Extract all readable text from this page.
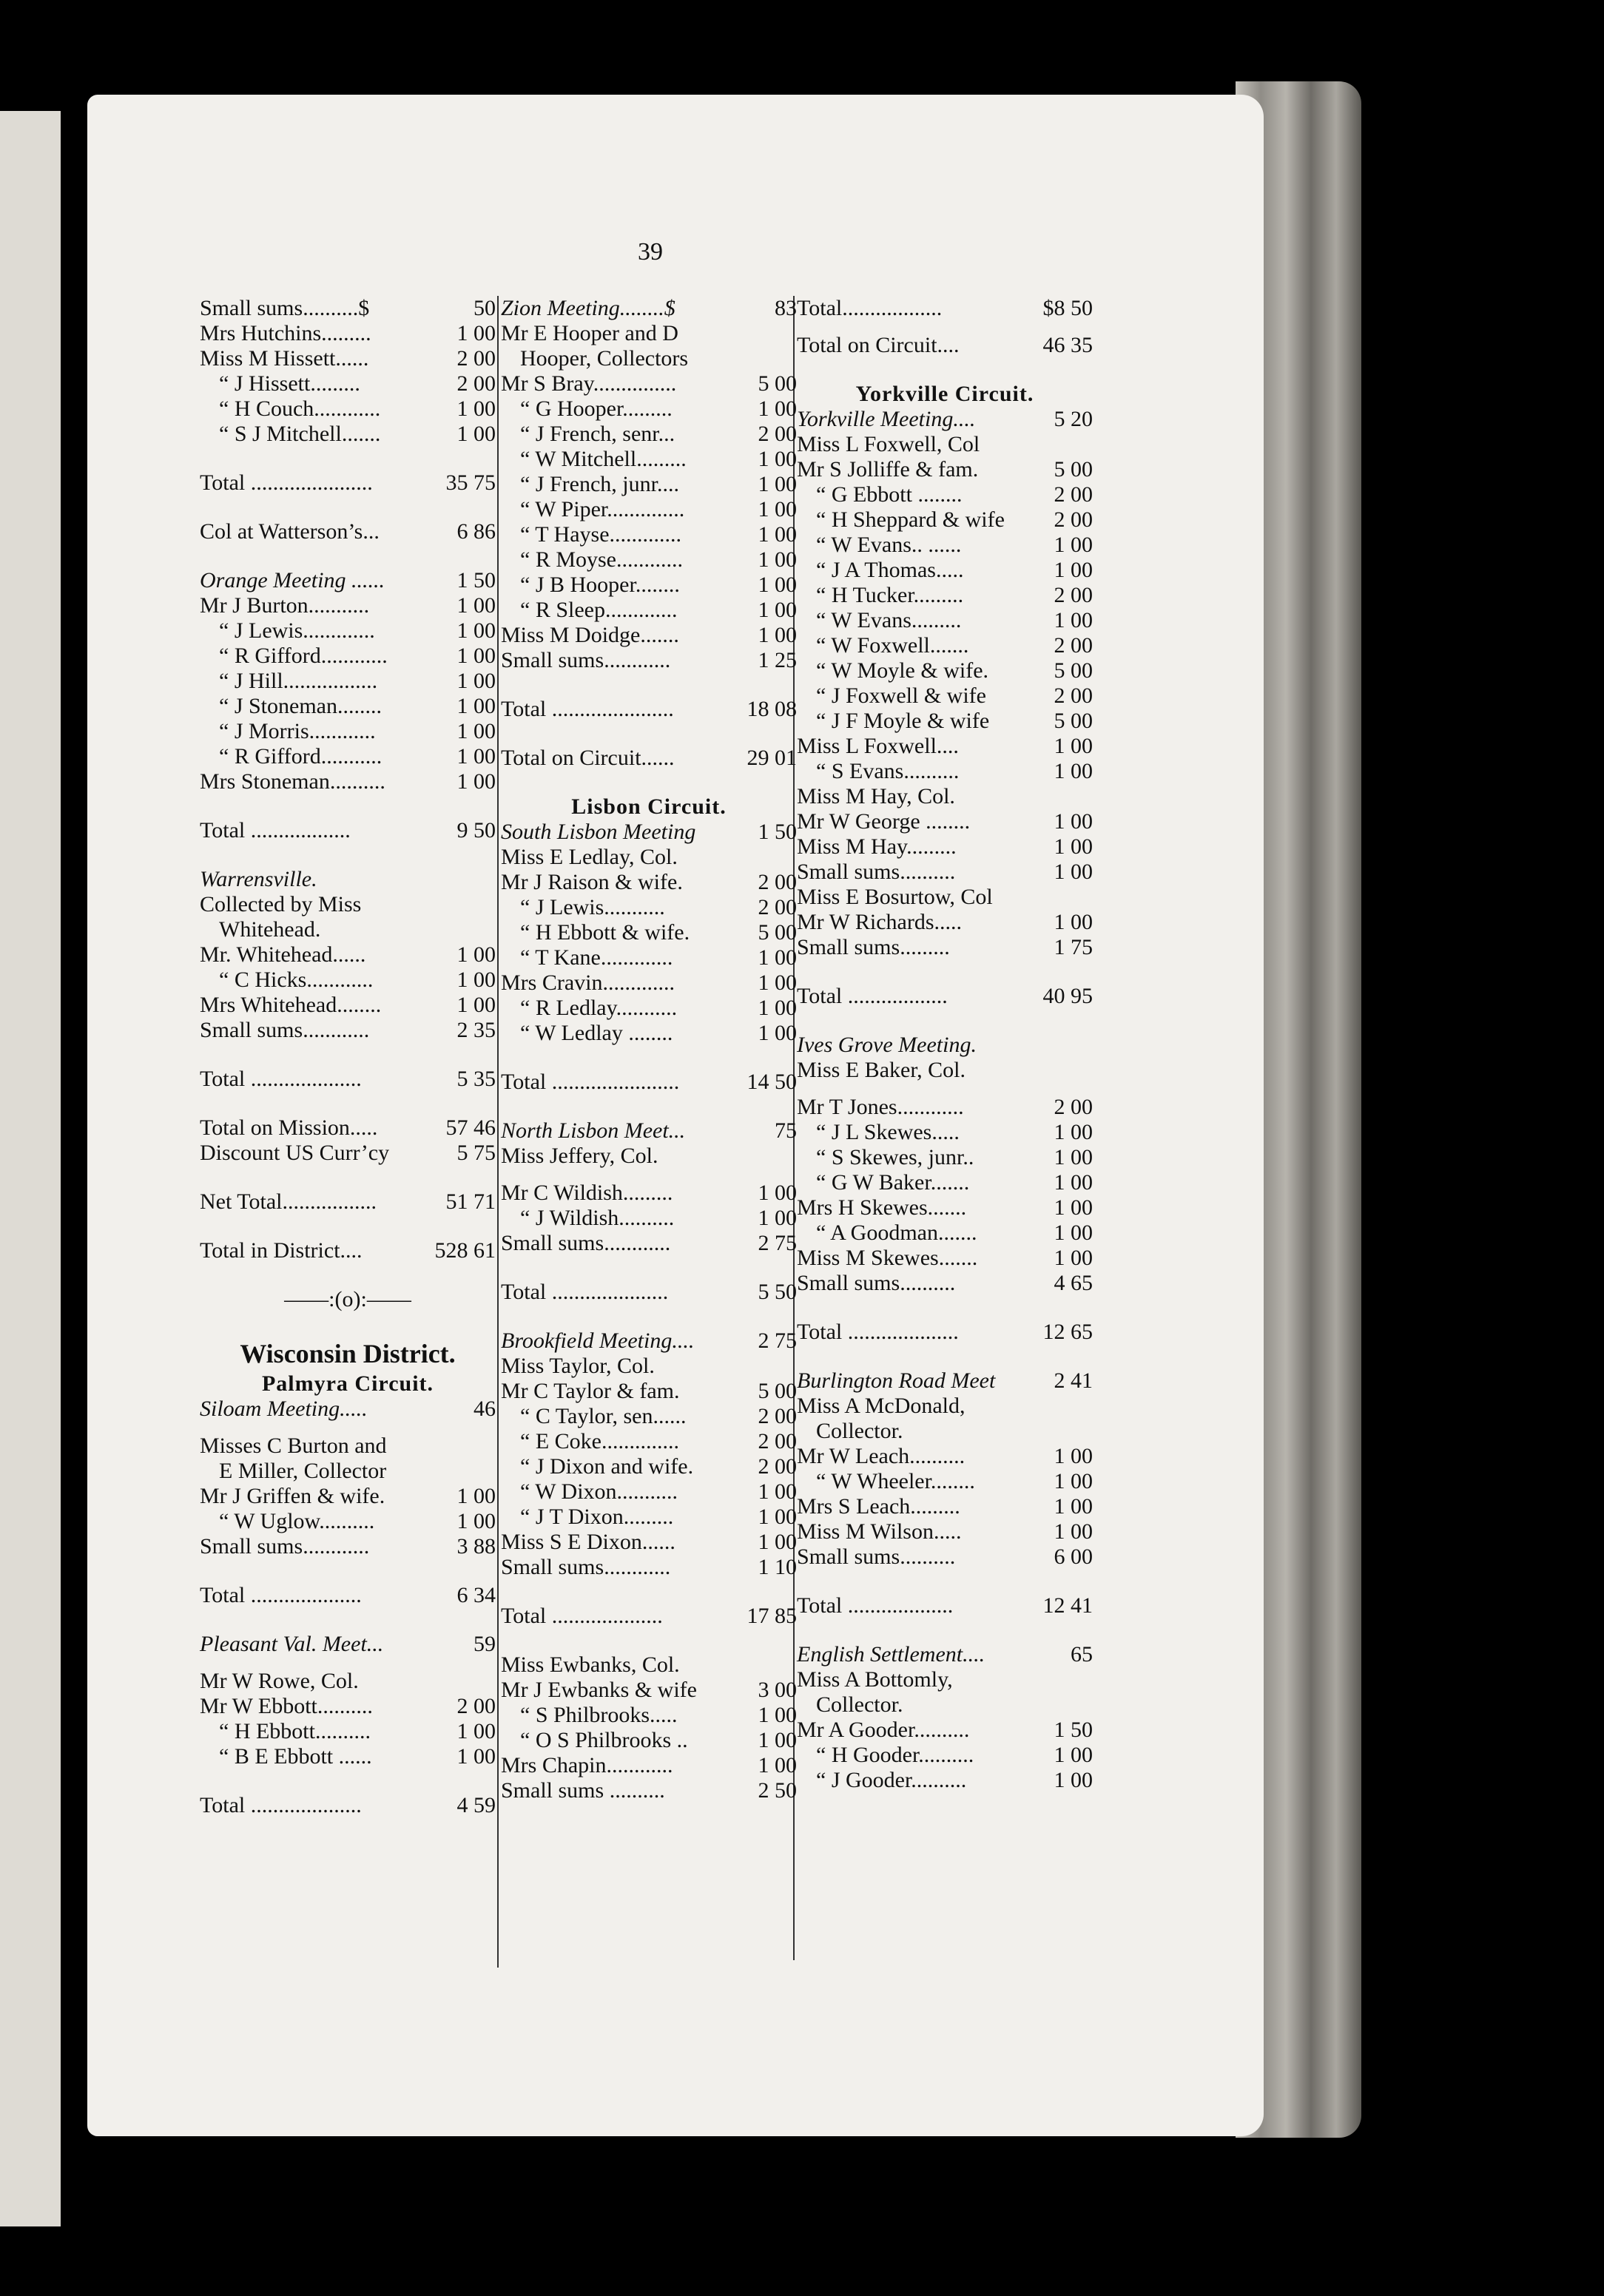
39
Small sums..........$	50
Mrs Hutchins.........	1 00
Miss M Hissett......	2 00
“ J Hissett.........	2 00
“ H Couch............	1 00
“ S J Mitchell.......	1 00
Total ......................	35 75
Col at Watterson’s...	6 86
Orange Meeting ......	1 50
Mr J Burton...........	1 00
“ J Lewis.............	1 00
“ R Gifford............	1 00
“ J Hill.................	1 00
“ J Stoneman........	1 00
“ J Morris............	1 00
“ R Gifford...........	1 00
Mrs Stoneman..........	1 00
Total ..................	9 50
Warrensville.
Collected by Miss
Whitehead.
Mr. Whitehead......	1 00
“ C Hicks............	1 00
Mrs Whitehead........	1 00
Small sums............	2 35
Total ....................	5 35
Total on Mission.....	57 46
Discount US Curr’cy	5 75
Net Total.................	51 71
Total in District....	528 61
——:(o):——
Wisconsin District.
Palmyra Circuit.
Siloam Meeting.....	46
Misses C Burton and
E Miller, Collector
Mr J Griffen & wife.	1 00
“ W Uglow..........	1 00
Small sums............	3 88
Total ....................	6 34
Pleasant Val. Meet...	59
Mr W Rowe, Col.
Mr W Ebbott..........	2 00
“ H Ebbott..........	1 00
“ B E Ebbott ......	1 00
Total ....................	4 59
Zion Meeting........$	83
Mr E Hooper and D
Hooper, Collectors
Mr S Bray...............	5 00
“ G Hooper.........	1 00
“ J French, senr...	2 00
“ W Mitchell.........	1 00
“ J French, junr....	1 00
“ W Piper..............	1 00
“ T Hayse.............	1 00
“ R Moyse............	1 00
“ J B Hooper........	1 00
“ R Sleep.............	1 00
Miss M Doidge.......	1 00
Small sums............	1 25
Total ......................	18 08
Total on Circuit......	29 01
Lisbon Circuit.
South Lisbon Meeting	1 50
Miss E Ledlay, Col.
Mr J Raison & wife.	2 00
“ J Lewis...........	2 00
“ H Ebbott & wife.	5 00
“ T Kane.............	1 00
Mrs Cravin.............	1 00
“ R Ledlay...........	1 00
“ W Ledlay ........	1 00
Total .......................	14 50
North Lisbon Meet...	75
Miss Jeffery, Col.
Mr C Wildish.........	1 00
“ J Wildish..........	1 00
Small sums............	2 75
Total .....................	5 50
Brookfield Meeting....	2 75
Miss Taylor, Col.
Mr C Taylor & fam.	5 00
“ C Taylor, sen......	2 00
“ E Coke..............	2 00
“ J Dixon and wife.	2 00
“ W Dixon...........	1 00
“ J T Dixon.........	1 00
Miss S E Dixon......	1 00
Small sums............	1 10
Total ....................	17 85
Miss Ewbanks, Col.
Mr J Ewbanks & wife	3 00
“ S Philbrooks.....	1 00
“ O S Philbrooks ..	1 00
Mrs Chapin............	1 00
Small sums ..........	2 50
Total..................	$8 50
Total on Circuit....	46 35
Yorkville Circuit.
Yorkville Meeting....	5 20
Miss L Foxwell, Col
Mr S Jolliffe & fam.	5 00
“ G Ebbott ........	2 00
“ H Sheppard & wife 2 00
“ W Evans.. ......	1 00
“ J A Thomas.....	1 00
“ H Tucker.........	2 00
“ W Evans.........	1 00
“ W Foxwell.......	2 00
“ W Moyle & wife.	5 00
“ J Foxwell & wife	2 00
“ J F Moyle & wife	5 00
Miss L Foxwell....	1 00
“ S Evans..........	1 00
Miss M Hay, Col.
Mr W George ........	1 00
Miss M Hay.........	1 00
Small sums..........	1 00
Miss E Bosurtow, Col
Mr W Richards.....	1 00
Small sums.........	1 75
Total ..................	40 95
Ives Grove Meeting.
Miss E Baker, Col.
Mr T Jones............	2 00
“ J L Skewes.....	1 00
“ S Skewes, junr..	1 00
“ G W Baker.......	1 00
Mrs H Skewes.......	1 00
“ A Goodman.......	1 00
Miss M Skewes.......	1 00
Small sums..........	4 65
Total ....................	12 65
Burlington Road Meet	2 41
Miss A McDonald,
Collector.
Mr W Leach..........	1 00
“ W Wheeler........	1 00
Mrs S Leach.........	1 00
Miss M Wilson.....	1 00
Small sums..........	6 00
Total ...................	12 41
English Settlement....	65
Miss A Bottomly,
Collector.
Mr A Gooder..........	1 50
“ H Gooder..........	1 00
“ J Gooder..........	1 00
